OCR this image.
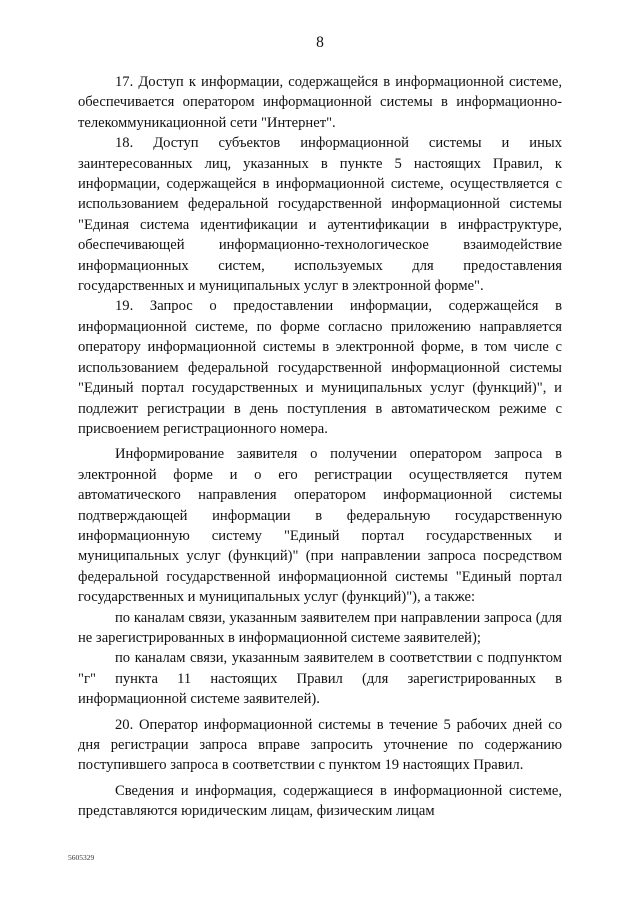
8

17. Доступ к информации, содержащейся в информационной системе, обеспечивается оператором информационной системы в информационно-телекоммуникационной сети "Интернет".

18. Доступ субъектов информационной системы и иных заинтересованных лиц, указанных в пункте 5 настоящих Правил, к информации, содержащейся в информационной системе, осуществляется с использованием федеральной государственной информационной системы "Единая система идентификации и аутентификации в инфраструктуре, обеспечивающей информационно-технологическое взаимодействие информационных систем, используемых для предоставления государственных и муниципальных услуг в электронной форме".

19. Запрос о предоставлении информации, содержащейся в информационной системе, по форме согласно приложению направляется оператору информационной системы в электронной форме, в том числе с использованием федеральной государственной информационной системы "Единый портал государственных и муниципальных услуг (функций)", и подлежит регистрации в день поступления в автоматическом режиме с присвоением регистрационного номера.

Информирование заявителя о получении оператором запроса в электронной форме и о его регистрации осуществляется путем автоматического направления оператором информационной системы подтверждающей информации в федеральную государственную информационную систему "Единый портал государственных и муниципальных услуг (функций)" (при направлении запроса посредством федеральной государственной информационной системы "Единый портал государственных и муниципальных услуг (функций)"), а также:

по каналам связи, указанным заявителем при направлении запроса (для не зарегистрированных в информационной системе заявителей);

по каналам связи, указанным заявителем в соответствии с подпунктом "г" пункта 11 настоящих Правил (для зарегистрированных в информационной системе заявителей).

20. Оператор информационной системы в течение 5 рабочих дней со дня регистрации запроса вправе запросить уточнение по содержанию поступившего запроса в соответствии с пунктом 19 настоящих Правил.

Сведения и информация, содержащиеся в информационной системе, представляются юридическим лицам, физическим лицам

5605329
